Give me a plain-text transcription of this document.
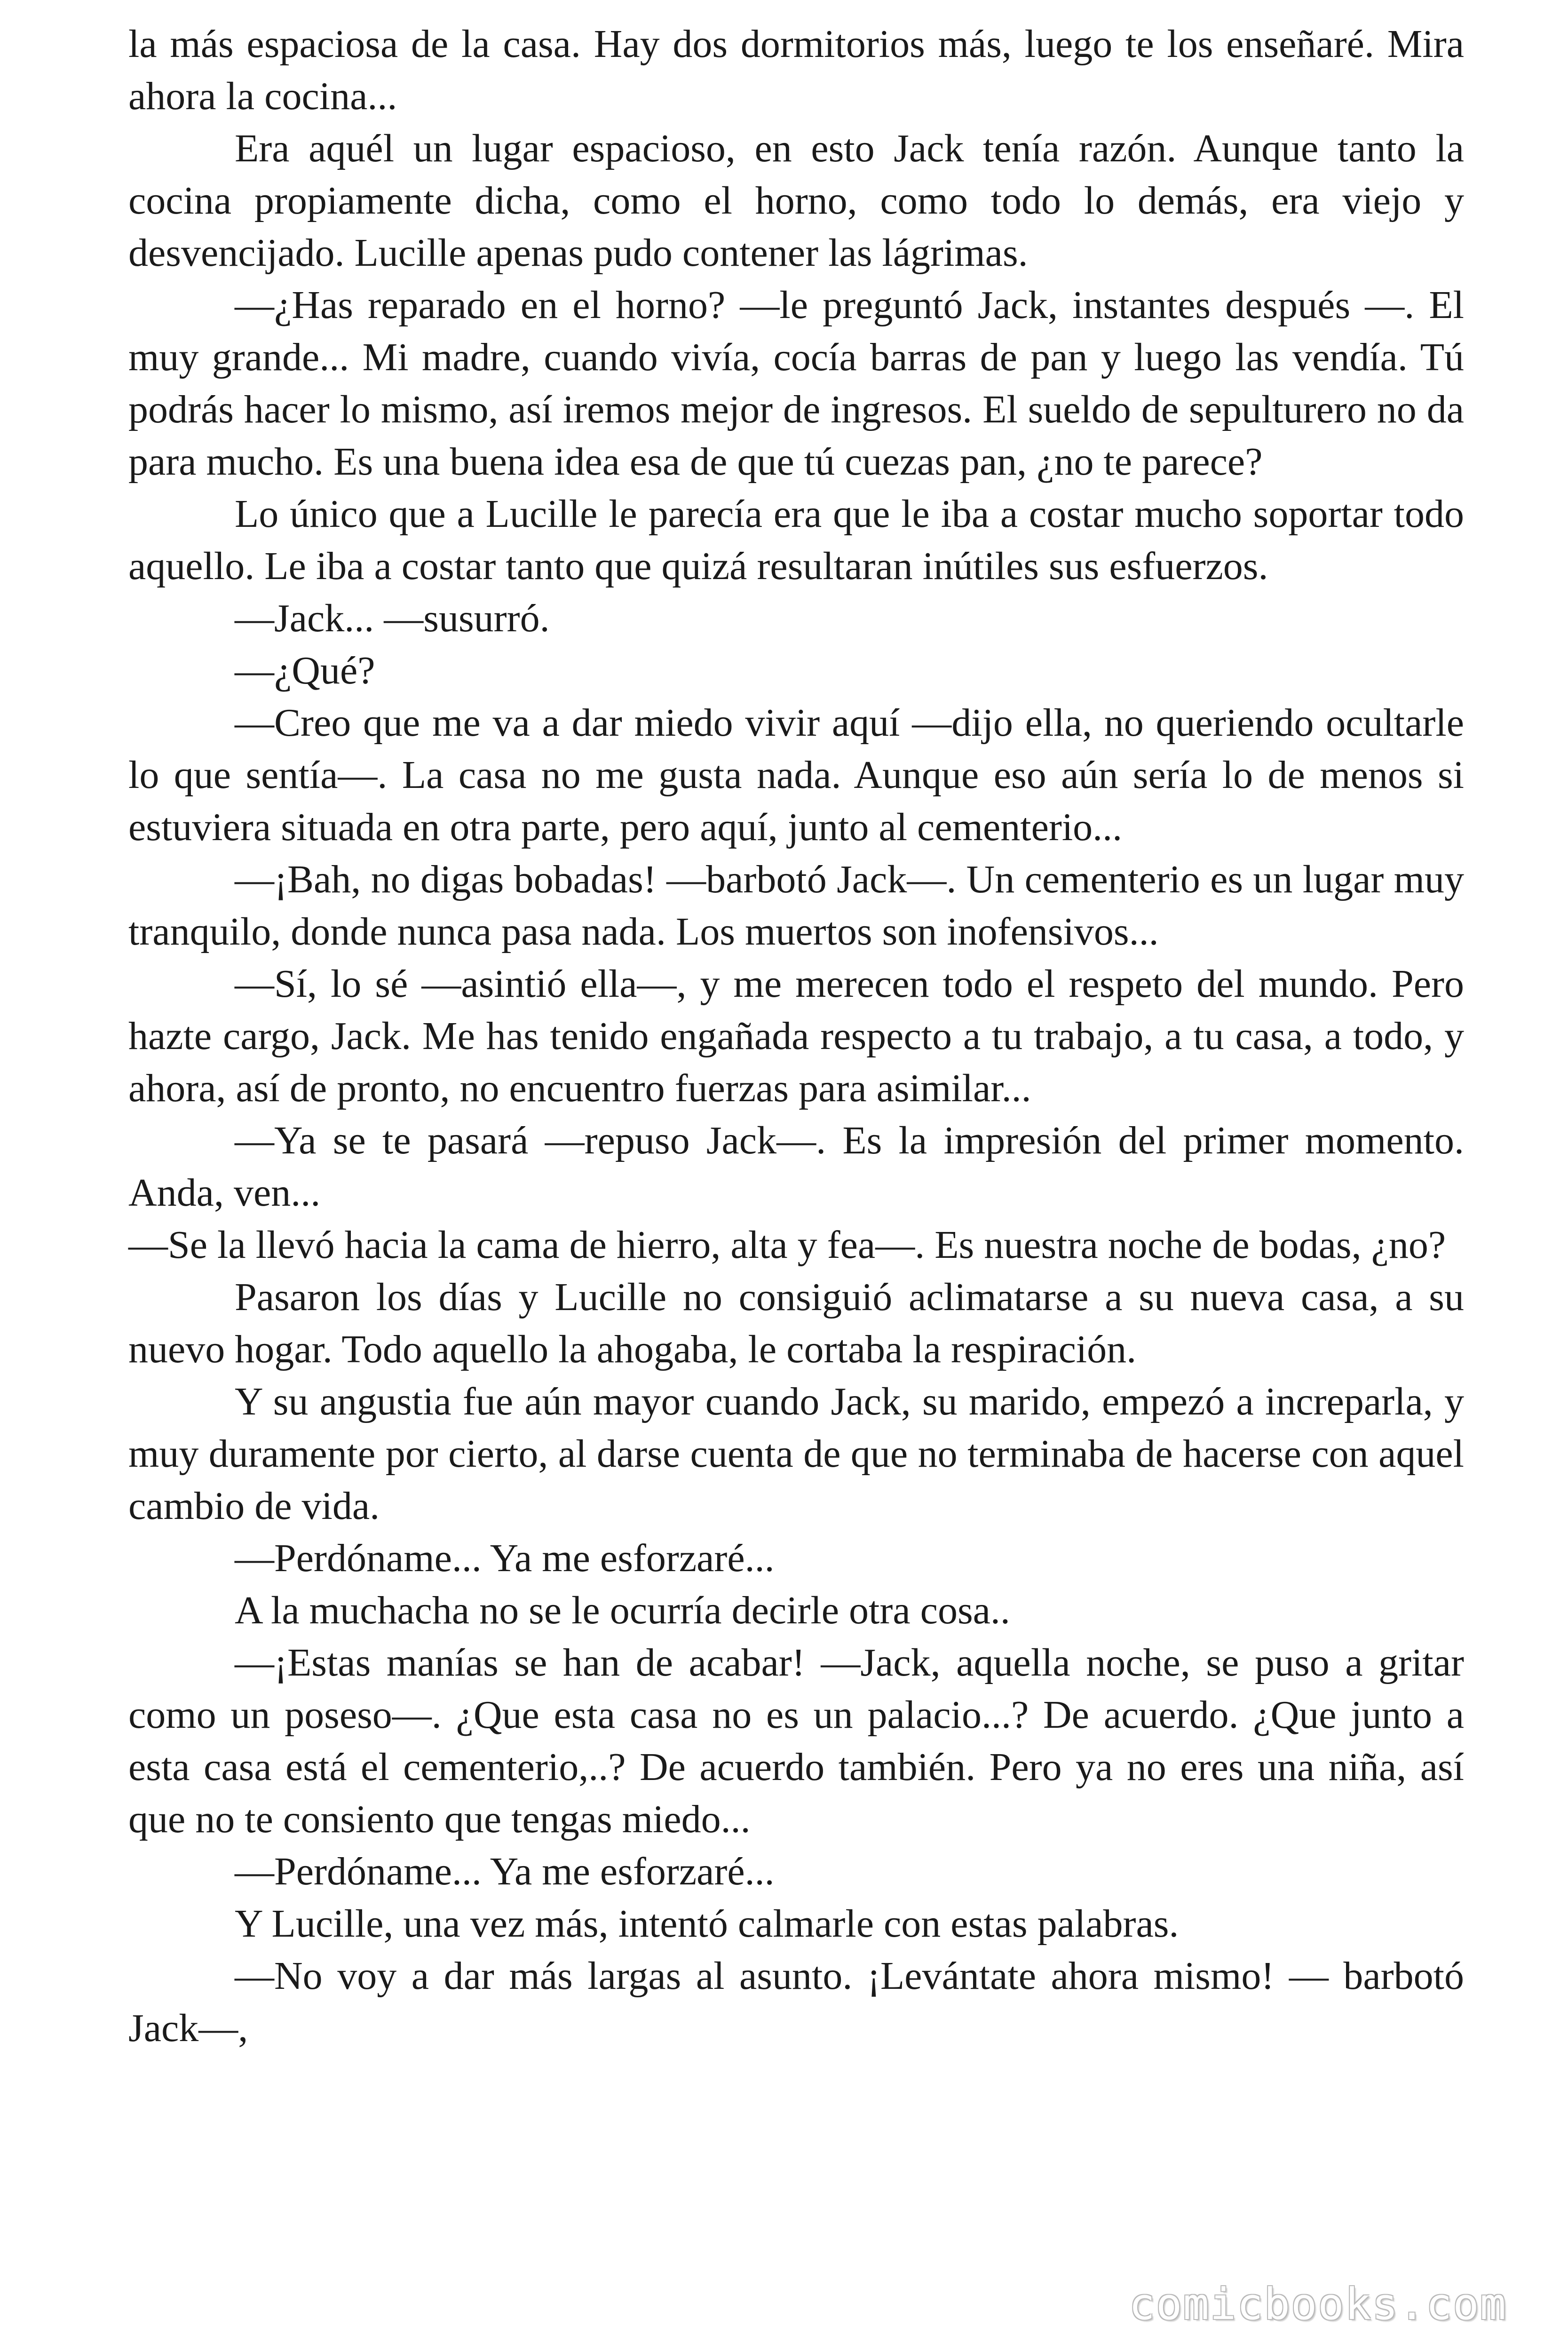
la más espaciosa de la casa. Hay dos dormitorios más, luego te los enseñaré. Mira ahora la cocina...

Era aquél un lugar espacioso, en esto Jack tenía razón. Aunque tanto la cocina propiamente dicha, como el horno, como todo lo demás, era viejo y desvencijado. Lucille apenas pudo contener las lágrimas.

—¿Has reparado en el horno? —le preguntó Jack, instantes después —. El muy grande... Mi madre, cuando vivía, cocía barras de pan y luego las vendía. Tú podrás hacer lo mismo, así iremos mejor de ingresos. El sueldo de sepulturero no da para mucho. Es una buena idea esa de que tú cuezas pan, ¿no te parece?

Lo único que a Lucille le parecía era que le iba a costar mucho soportar todo aquello. Le iba a costar tanto que quizá resultaran inútiles sus esfuerzos.

—Jack... —susurró.

—¿Qué?

—Creo que me va a dar miedo vivir aquí —dijo ella, no queriendo ocultarle lo que sentía—. La casa no me gusta nada. Aunque eso aún sería lo de menos si estuviera situada en otra parte, pero aquí, junto al cementerio...

—¡Bah, no digas bobadas! —barbotó Jack—. Un cementerio es un lugar muy tranquilo, donde nunca pasa nada. Los muertos son inofensivos...

—Sí, lo sé —asintió ella—, y me merecen todo el respeto del mundo. Pero hazte cargo, Jack. Me has tenido engañada respecto a tu trabajo, a tu casa, a todo, y ahora, así de pronto, no encuentro fuerzas para asimilar...

—Ya se te pasará —repuso Jack—. Es la impresión del primer momento. Anda, ven...

—Se la llevó hacia la cama de hierro, alta y fea—. Es nuestra noche de bodas, ¿no?

Pasaron los días y Lucille no consiguió aclimatarse a su nueva casa, a su nuevo hogar. Todo aquello la ahogaba, le cortaba la respiración.

Y su angustia fue aún mayor cuando Jack, su marido, empezó a increparla, y muy duramente por cierto, al darse cuenta de que no terminaba de hacerse con aquel cambio de vida.

—Perdóname... Ya me esforzaré...

A la muchacha no se le ocurría decirle otra cosa..

—¡Estas manías se han de acabar! —Jack, aquella noche, se puso a gritar como un poseso—. ¿Que esta casa no es un palacio...? De acuerdo. ¿Que junto a esta casa está el cementerio,..? De acuerdo también. Pero ya no eres una niña, así que no te consiento que tengas miedo...

—Perdóname... Ya me esforzaré...

Y Lucille, una vez más, intentó calmarle con estas palabras.

—No voy a dar más largas al asunto. ¡Levántate ahora mismo! — barbotó Jack—,

comicbooks.com
